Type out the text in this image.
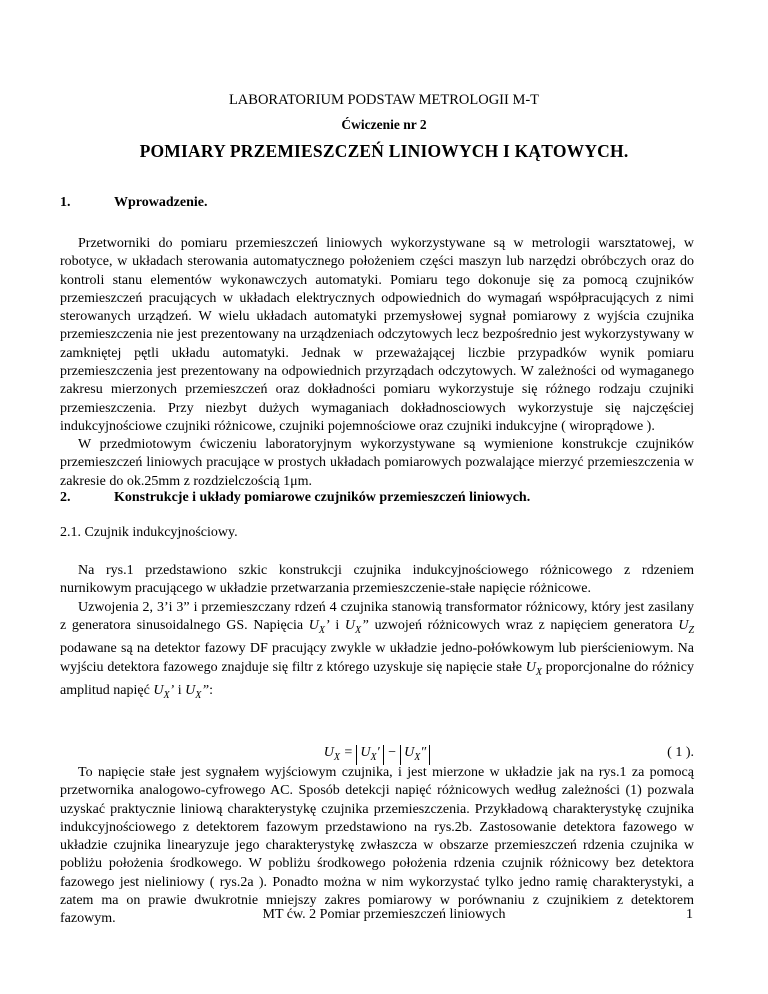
LABORATORIUM PODSTAW METROLOGII M-T
Ćwiczenie nr 2
POMIARY PRZEMIESZCZEŃ LINIOWYCH I KĄTOWYCH.
1.	Wprowadzenie.

Przetworniki do pomiaru przemieszczeń liniowych wykorzystywane są w metrologii warsztatowej, w robotyce, w układach sterowania automatycznego położeniem części maszyn lub narzędzi obróbczych oraz do kontroli stanu elementów wykonawczych automatyki. Pomiaru tego dokonuje się za pomocą czujników przemieszczeń pracujących w układach elektrycznych odpowiednich do wymagań współpracujących z nimi sterowanych urządzeń. W wielu układach automatyki przemysłowej sygnał pomiarowy z wyjścia czujnika przemieszczenia nie jest prezentowany na urządzeniach odczytowych lecz bezpośrednio jest wykorzystywany w zamkniętej pętli układu automatyki. Jednak w przeważającej liczbie przypadków wynik pomiaru przemieszczenia jest prezentowany na odpowiednich przyrządach odczytowych. W zależności od wymaganego zakresu mierzonych przemieszczeń oraz dokładności pomiaru wykorzystuje się różnego rodzaju czujniki przemieszczenia. Przy niezbyt dużych wymaganiach dokładnosciowych wykorzystuje się najczęściej indukcyjnościowe czujniki różnicowe, czujniki pojemnościowe oraz czujniki indukcyjne ( wiroprądowe ).

W przedmiotowym ćwiczeniu laboratoryjnym wykorzystywane są wymienione konstrukcje czujników przemieszczeń liniowych pracujące w prostych układach pomiarowych pozwalające mierzyć przemieszczenia w zakresie do ok.25mm z rozdzielczością 1μm.

2.	Konstrukcje i układy pomiarowe czujników przemieszczeń liniowych.
2.1. Czujnik indukcyjnościowy.

Na rys.1 przedstawiono szkic konstrukcji czujnika indukcyjnościowego różnicowego z rdzeniem nurnikowym pracującego w układzie przetwarzania przemieszczenie-stałe napięcie różnicowe.

Uzwojenia 2, 3’i 3” i przemieszczany rdzeń 4 czujnika stanowią transformator różnicowy, który jest zasilany z generatora sinusoidalnego GS. Napięcia $U_X$’ i $U_X$” uzwojeń różnicowych wraz z napięciem generatora $U_Z$ podawane są na detektor fazowy DF pracujący zwykle w układzie jedno-połówkowym lub pierścieniowym. Na wyjściu detektora fazowego znajduje się filtr z którego uzyskuje się napięcie stałe $U_X$ proporcjonalne do różnicy amplitud napięć $U_X$’ i $U_X$”:

$U_X = U_X' - U_X''$	( 1 ).

To napięcie stałe jest sygnałem wyjściowym czujnika, i jest mierzone w układzie jak na rys.1 za pomocą przetwornika analogowo-cyfrowego AC. Sposób detekcji napięć różnicowych według zależności (1) pozwala uzyskać praktycznie liniową charakterystykę czujnika przemieszczenia. Przykładową charakterystykę czujnika indukcyjnościowego z detektorem fazowym przedstawiono na rys.2b. Zastosowanie detektora fazowego w układzie czujnika linearyzuje jego charakterystykę zwłaszcza w obszarze przemieszczeń rdzenia czujnika w pobliżu położenia środkowego. W pobliżu środkowego położenia rdzenia czujnik różnicowy bez detektora fazowego jest nieliniowy ( rys.2a ). Ponadto można w nim wykorzystać tylko jedno ramię charakterystyki, a zatem ma on prawie dwukrotnie mniejszy zakres pomiarowy w porównaniu z czujnikiem z detektorem fazowym.	MT ćw. 2 Pomiar przemieszczeń liniowych	1
